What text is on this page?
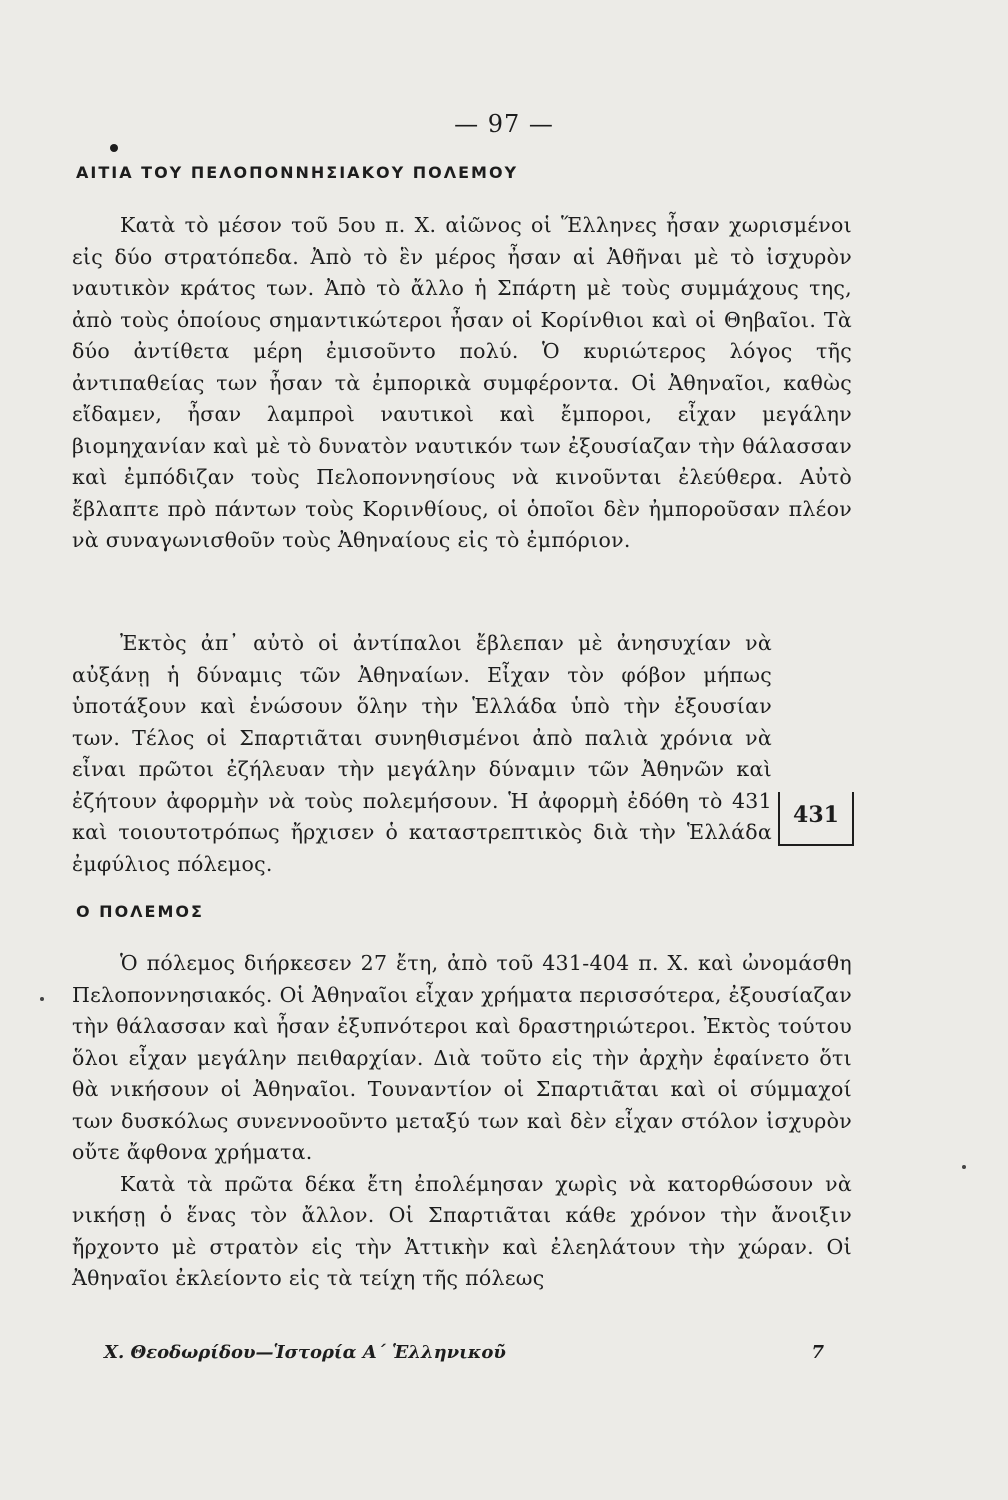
— 97 —
ΑΙΤΙΑ ΤΟΥ ΠΕΛΟΠΟΝΝΗΣΙΑΚΟΥ ΠΟΛΕΜΟΥ

Κατὰ τὸ μέσον τοῦ 5ου π. Χ. αἰῶνος οἱ Ἕλληνες ἦσαν χωρισμένοι εἰς δύο στρατόπεδα. Ἀπὸ τὸ ἓν μέρος ἦσαν αἱ Ἀθῆναι μὲ τὸ ἰσχυρὸν ναυτικὸν κράτος των. Ἀπὸ τὸ ἄλλο ἡ Σπάρτη μὲ τοὺς συμμάχους της, ἀπὸ τοὺς ὁποίους σημαντικώτεροι ἦσαν οἱ Κορίνθιοι καὶ οἱ Θηβαῖοι. Τὰ δύο ἀντίθετα μέρη ἐμισοῦντο πολύ. Ὁ κυριώτερος λόγος τῆς ἀντιπαθείας των ἦσαν τὰ ἐμπορικὰ συμφέροντα. Οἱ Ἀθηναῖοι, καθὼς εἴδαμεν, ἦσαν λαμπροὶ ναυτικοὶ καὶ ἔμποροι, εἶχαν μεγάλην βιομηχανίαν καὶ μὲ τὸ δυνατὸν ναυτικόν των ἐξουσίαζαν τὴν θάλασσαν καὶ ἐμπόδιζαν τοὺς Πελοποννησίους νὰ κινοῦνται ἐλεύθερα. Αὐτὸ ἔβλαπτε πρὸ πάντων τοὺς Κορινθίους, οἱ ὁποῖοι δὲν ἠμποροῦσαν πλέον νὰ συναγωνισθοῦν τοὺς Ἀθηναίους εἰς τὸ ἐμπόριον.

Ἐκτὸς ἀπ᾿ αὐτὸ οἱ ἀντίπαλοι ἔβλεπαν μὲ ἀνησυχίαν νὰ αὐξάνῃ ἡ δύναμις τῶν Ἀθηναίων. Εἶχαν τὸν φόβον μήπως ὑποτάξουν καὶ ἑνώσουν ὅλην τὴν Ἑλλάδα ὑπὸ τὴν ἐξουσίαν των. Τέλος οἱ Σπαρτιᾶται συνηθισμένοι ἀπὸ παλιὰ χρόνια νὰ εἶναι πρῶτοι ἐζήλευαν τὴν μεγάλην δύναμιν τῶν Ἀθηνῶν καὶ ἐζήτουν ἀφορμὴν νὰ τοὺς πολεμήσουν. Ἡ ἀφορμὴ ἐδόθη τὸ 431 καὶ τοιουτοτρόπως ἤρχισεν ὁ καταστρεπτικὸς διὰ τὴν Ἑλλάδα ἐμφύλιος πόλεμος.

431
Ο ΠΟΛΕΜΟΣ

Ὁ πόλεμος διήρκεσεν 27 ἔτη, ἀπὸ τοῦ 431-404 π. Χ. καὶ ὠνομάσθη Πελοποννησιακός. Οἱ Ἀθηναῖοι εἶχαν χρήματα περισσότερα, ἐξουσίαζαν τὴν θάλασσαν καὶ ἦσαν ἐξυπνότεροι καὶ δραστηριώτεροι. Ἐκτὸς τούτου ὅλοι εἶχαν μεγάλην πειθαρχίαν. Διὰ τοῦτο εἰς τὴν ἀρχὴν ἐφαίνετο ὅτι θὰ νικήσουν οἱ Ἀθηναῖοι. Τουναντίον οἱ Σπαρτιᾶται καὶ οἱ σύμμαχοί των δυσκόλως συνεννοοῦντο μεταξύ των καὶ δὲν εἶχαν στόλον ἰσχυρὸν οὔτε ἄφθονα χρήματα.

Κατὰ τὰ πρῶτα δέκα ἔτη ἐπολέμησαν χωρὶς νὰ κατορθώσουν νὰ νικήσῃ ὁ ἕνας τὸν ἄλλον. Οἱ Σπαρτιᾶται κάθε χρόνον τὴν ἄνοιξιν ἤρχοντο μὲ στρατὸν εἰς τὴν Ἀττικὴν καὶ ἐλεηλάτουν τὴν χώραν. Οἱ Ἀθηναῖοι ἐκλείοντο εἰς τὰ τείχη τῆς πόλεως

Χ. Θεοδωρίδου—Ἱστορία Α΄ Ἑλληνικοῦ	7
